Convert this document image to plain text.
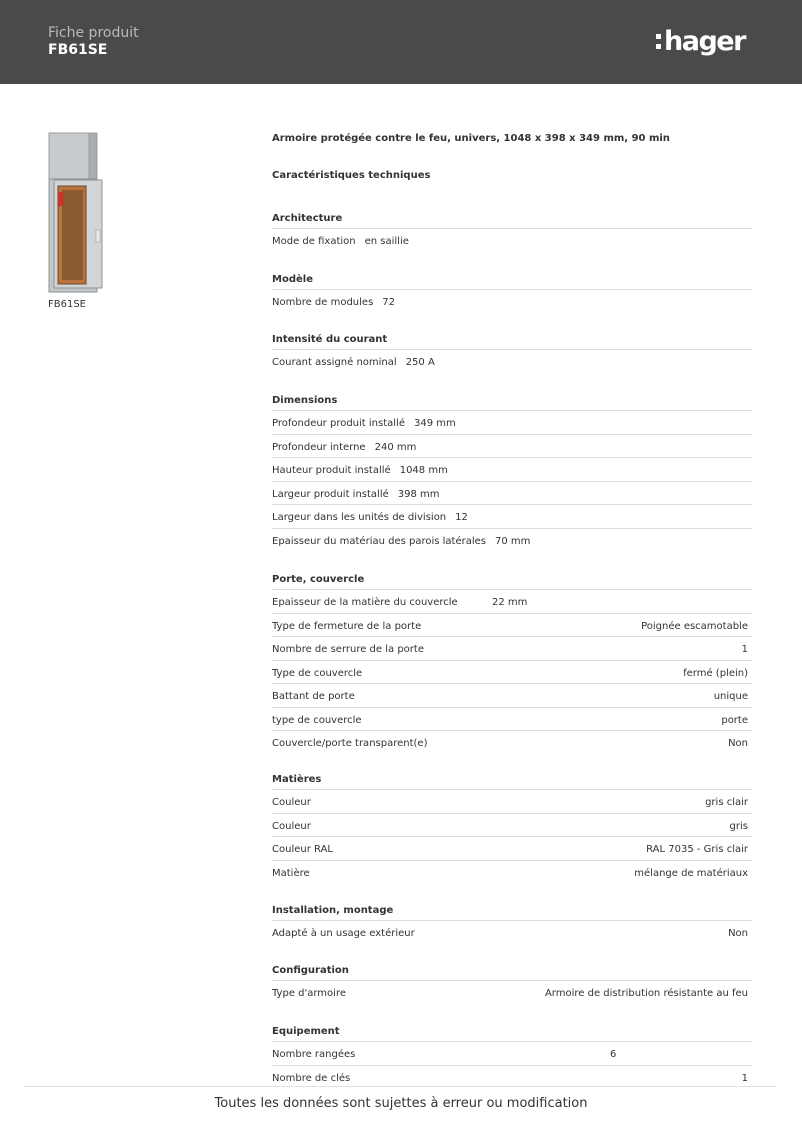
Fiche produit
FB61SE	hager
FB61SE
Armoire protégée contre le feu, univers, 1048 x 398 x 349 mm, 90 min
Caractéristiques techniques
Architecture
Mode de fixation en saillie
Modèle
Nombre de modules 72
Intensité du courant
Courant assigné nominal 250 A
Dimensions
Profondeur produit installé 349 mm
Profondeur interne 240 mm
Hauteur produit installé 1048 mm
Largeur produit installé 398 mm
Largeur dans les unités de division 12
Epaisseur du matériau des parois latérales 70 mm
Porte, couvercle
Epaisseur de la matière du couvercle	22 mm
Type de fermeture de la porte	Poignée escamotable
Nombre de serrure de la porte	1
Type de couvercle	fermé (plein)
Battant de porte	unique
type de couvercle	porte
Couvercle/porte transparent(e)	Non
Matières
Couleur	gris clair
Couleur	gris
Couleur RAL	RAL 7035 - Gris clair
Matière	mélange de matériaux
Installation, montage
Adapté à un usage extérieur	Non
Configuration
Type d'armoire	Armoire de distribution résistante au feu
Equipement
Nombre rangées	6
Nombre de clés	1
Toutes les données sont sujettes à erreur ou modification
